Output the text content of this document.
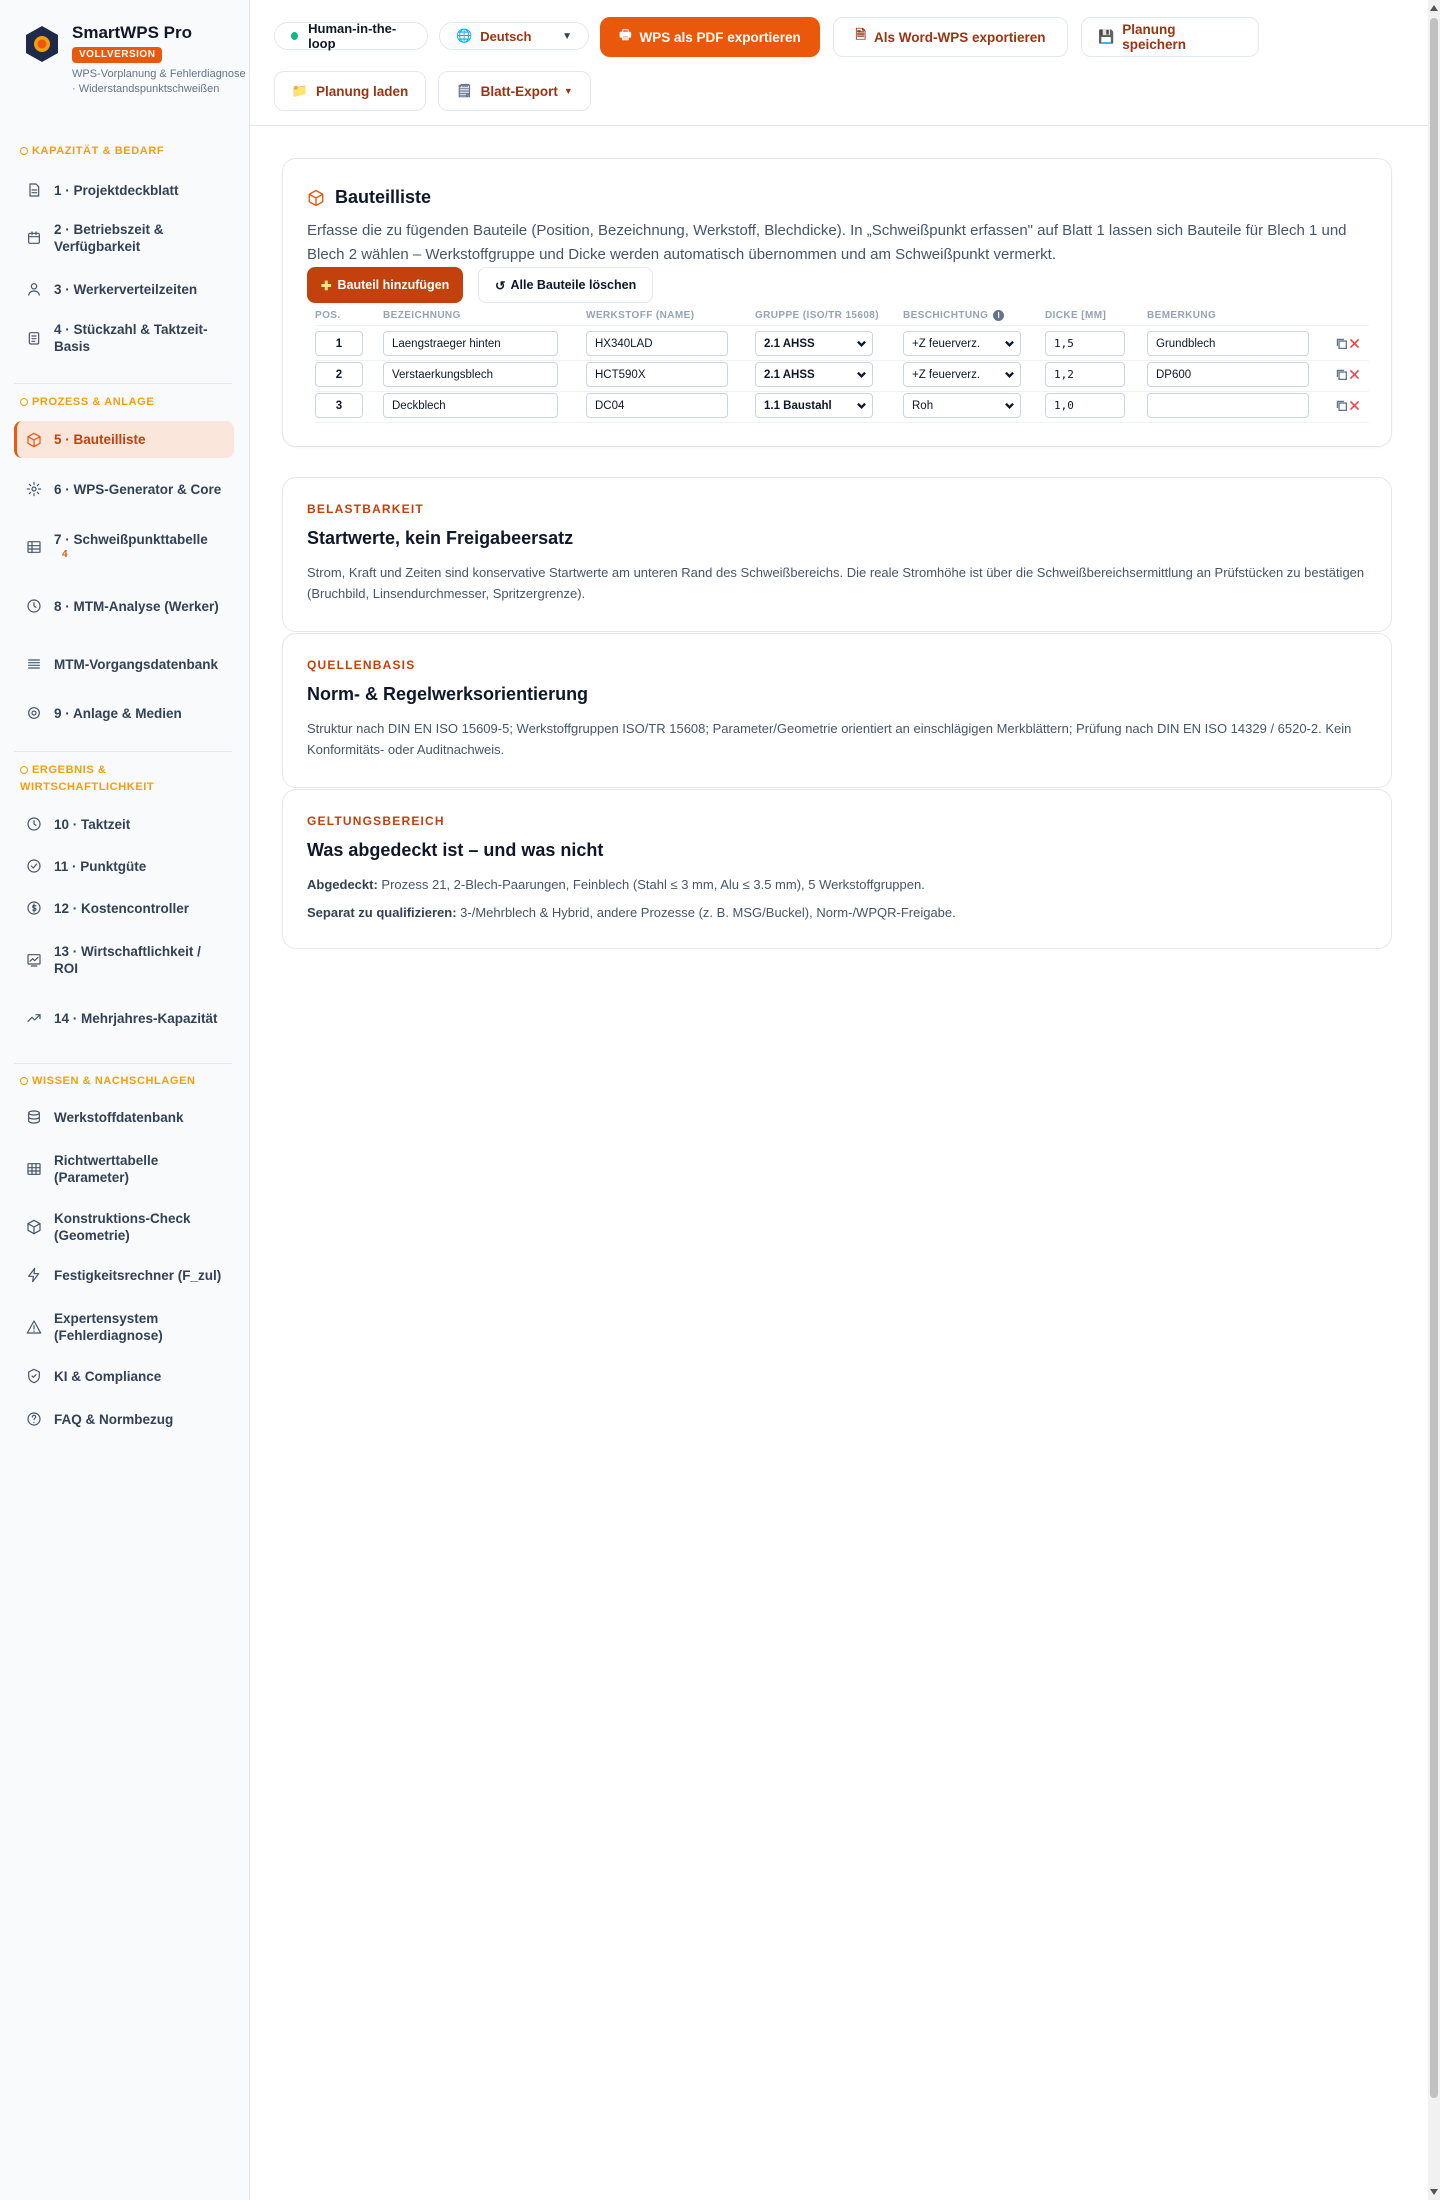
SmartWPS Pro
VOLLVERSION
WPS-Vorplanung & Fehlerdiagnose · Widerstandspunktschweißen
KAPAZITÄT & BEDARF
1 · Projektdeckblatt
2 · Betriebszeit & Verfügbarkeit
3 · Werkerverteilzeiten
4 · Stückzahl & Taktzeit-Basis
PROZESS & ANLAGE
5 · Bauteilliste
6 · WPS-Generator & Core
7 · Schweißpunkttabelle
4
8 · MTM-Analyse (Werker)
MTM-Vorgangsdatenbank
9 · Anlage & Medien
ERGEBNIS & WIRTSCHAFTLICHKEIT
10 · Taktzeit
11 · Punktgüte
12 · Kostencontroller
13 · Wirtschaftlichkeit / ROI
14 · Mehrjahres-Kapazität
WISSEN & NACHSCHLAGEN
Werkstoffdatenbank
Richtwerttabelle (Parameter)
Konstruktions-Check (Geometrie)
Festigkeitsrechner (F_zul)
Expertensystem (Fehlerdiagnose)
KI & Compliance
FAQ & Normbezug
Human-in-the-loop
🌐 Deutsch	▼	🖶 WPS als PDF exportieren	🗎 Als Word-WPS exportieren	💾 Planung speichern
📁 Planung laden	🗒 Blatt-Export ▼
Bauteilliste
Erfasse die zu fügenden Bauteile (Position, Bezeichnung, Werkstoff, Blechdicke). In „Schweißpunkt erfassen" auf Blatt 1 lassen sich Bauteile für Blech 1 und Blech 2 wählen – Werkstoffgruppe und Dicke werden automatisch übernommen und am Schweißpunkt vermerkt.
✚ Bauteil hinzufügen	↺ Alle Bauteile löschen
POS.	BEZEICHNUNG	WERKSTOFF (NAME)	GRUPPE (ISO/TR 15608) BESCHICHTUNG	I	DICKE [MM]	BEMERKUNG
1	Laengstraeger hinten	HX340LAD	2.1 AHSS	+Z feuerverz.	1,5	Grundblech
2	Verstaerkungsblech	HCT590X	2.1 AHSS	+Z feuerverz.	1,2	DP600
3	Deckblech	DC04	1.1 Baustahl	Roh	1,0
BELASTBARKEIT
Startwerte, kein Freigabeersatz
Strom, Kraft und Zeiten sind konservative Startwerte am unteren Rand des Schweißbereichs. Die reale Stromhöhe ist über die Schweißbereichsermittlung an Prüfstücken zu bestätigen (Bruchbild, Linsendurchmesser, Spritzergrenze).
QUELLENBASIS
Norm- & Regelwerksorientierung
Struktur nach DIN EN ISO 15609-5; Werkstoffgruppen ISO/TR 15608; Parameter/Geometrie orientiert an einschlägigen Merkblättern; Prüfung nach DIN EN ISO 14329 / 6520-2. Kein Konformitäts- oder Auditnachweis.
GELTUNGSBEREICH
Was abgedeckt ist – und was nicht

Abgedeckt: Prozess 21, 2-Blech-Paarungen, Feinblech (Stahl ≤ 3 mm, Alu ≤ 3.5 mm), 5 Werkstoffgruppen.

Separat zu qualifizieren: 3-/Mehrblech & Hybrid, andere Prozesse (z. B. MSG/Buckel), Norm-/WPQR-Freigabe.
